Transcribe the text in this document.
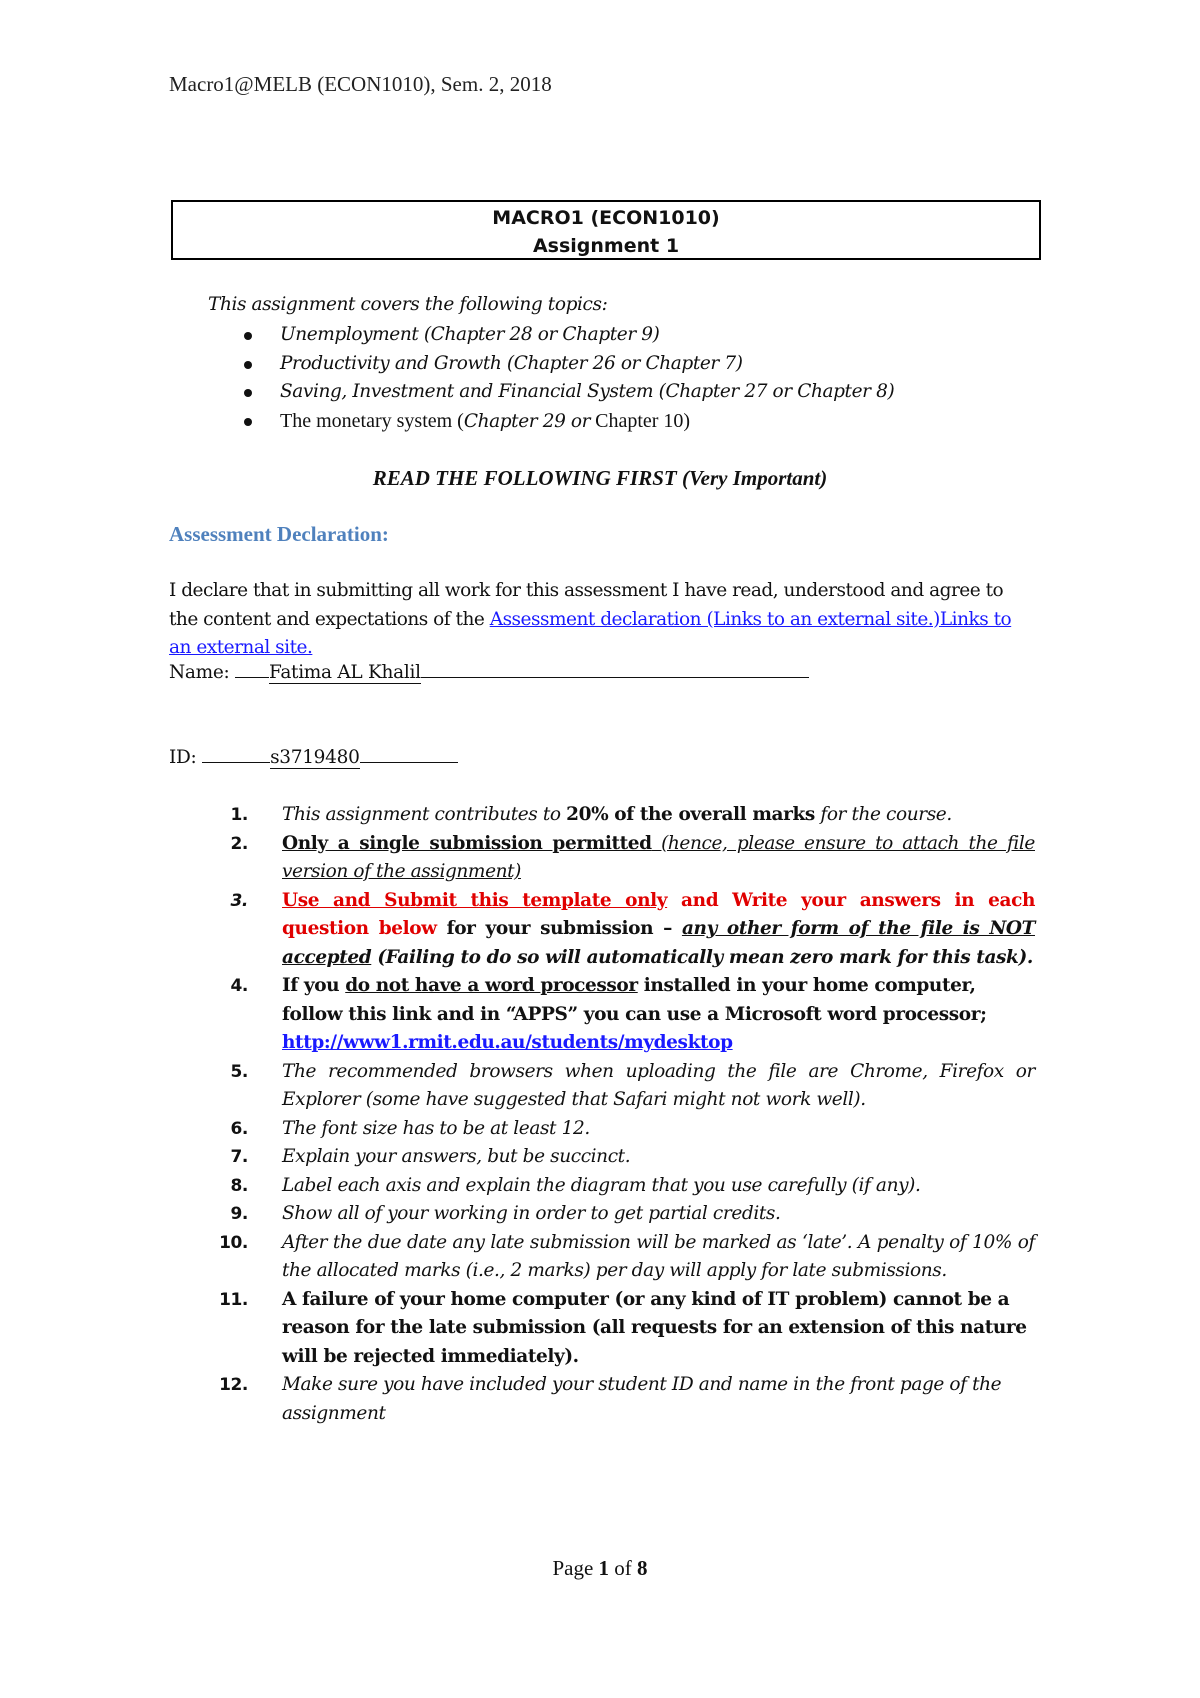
Macro1@MELB (ECON1010), Sem. 2, 2018
MACRO1 (ECON1010)
Assignment 1
This assignment covers the following topics:
Unemployment (Chapter 28 or Chapter 9)
Productivity and Growth (Chapter 26 or Chapter 7)
Saving, Investment and Financial System (Chapter 27 or Chapter 8)
The monetary system (Chapter 29 or Chapter 10)
READ THE FOLLOWING FIRST (Very Important)
Assessment Declaration:
I declare that in submitting all work for this assessment I have read, understood and agree to the content and expectations of the Assessment declaration (Links to an external site.)Links to an external site.
Name: Fatima AL Khalil
ID:	s3719480
1. This assignment contributes to 20% of the overall marks for the course.
2. Only a single submission permitted (hence, please ensure to attach the file version of the assignment)
3. Use and Submit this template only and Write your answers in each question below for your submission – any other form of the file is NOT accepted (Failing to do so will automatically mean zero mark for this task).
4. If you do not have a word processor installed in your home computer, follow this link and in “APPS” you can use a Microsoft word processor; http://www1.rmit.edu.au/students/mydesktop
5. The recommended browsers when uploading the file are Chrome, Firefox or Explorer (some have suggested that Safari might not work well).
6. The font size has to be at least 12.
7. Explain your answers, but be succinct.
8. Label each axis and explain the diagram that you use carefully (if any).
9. Show all of your working in order to get partial credits.
10. After the due date any late submission will be marked as ‘late’. A penalty of 10% of the allocated marks (i.e., 2 marks) per day will apply for late submissions.
11. A failure of your home computer (or any kind of IT problem) cannot be a reason for the late submission (all requests for an extension of this nature will be rejected immediately).
12. Make sure you have included your student ID and name in the front page of the assignment
Page 1 of 8
